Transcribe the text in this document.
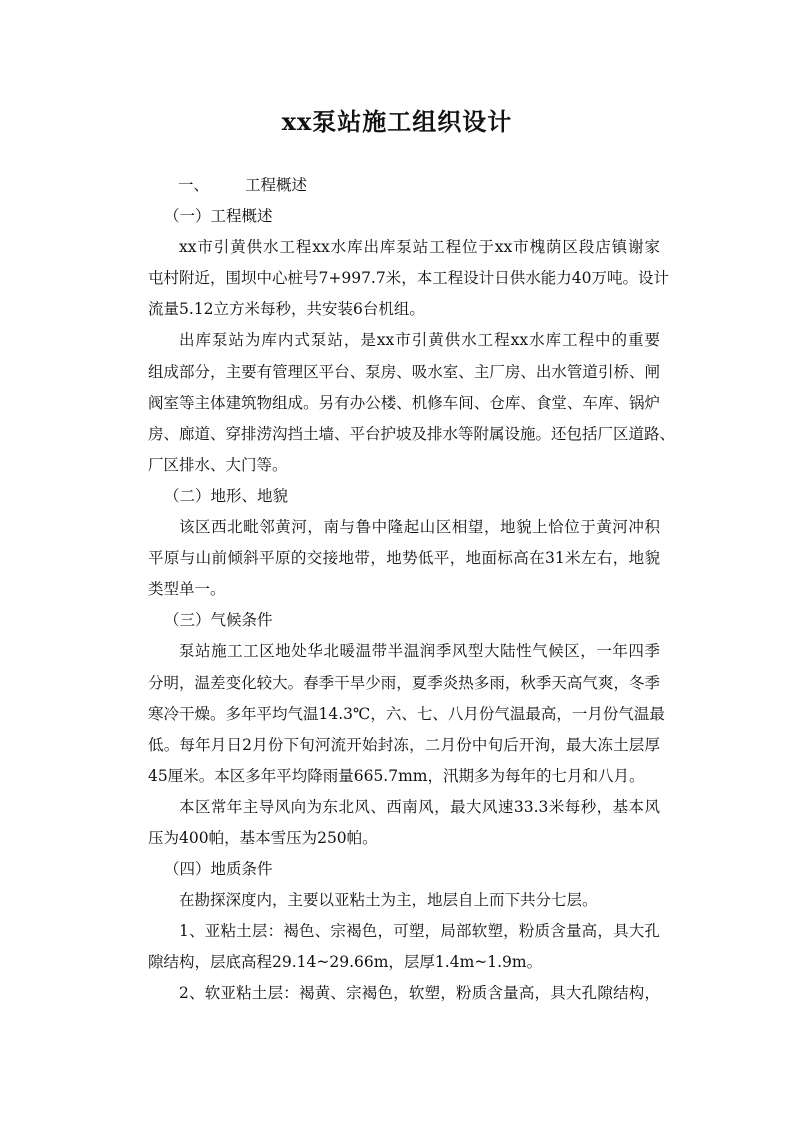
xx泵站施工组织设计
一、 工程概述
（一）工程概述
xx市引黄供水工程xx水库出库泵站工程位于xx市槐荫区段店镇谢家
屯村附近，围坝中心桩号7+997.7米，本工程设计日供水能力40万吨。设计
流量5.12立方米每秒，共安装6台机组。
出库泵站为库内式泵站，是xx市引黄供水工程xx水库工程中的重要
组成部分，主要有管理区平台、泵房、吸水室、主厂房、出水管道引桥、闸
阀室等主体建筑物组成。另有办公楼、机修车间、仓库、食堂、车库、锅炉
房、廊道、穿排涝沟挡土墙、平台护坡及排水等附属设施。还包括厂区道路、
厂区排水、大门等。
（二）地形、地貌
该区西北毗邻黄河，南与鲁中隆起山区相望，地貌上恰位于黄河冲积
平原与山前倾斜平原的交接地带，地势低平，地面标高在31米左右，地貌
类型单一。
（三）气候条件
泵站施工工区地处华北暖温带半温润季风型大陆性气候区，一年四季
分明，温差变化较大。春季干旱少雨，夏季炎热多雨，秋季天高气爽，冬季
寒冷干燥。多年平均气温14.3℃，六、七、八月份气温最高，一月份气温最
低。每年月日2月份下旬河流开始封冻，二月份中旬后开洵，最大冻土层厚
45厘米。本区多年平均降雨量665.7mm，汛期多为每年的七月和八月。
本区常年主导风向为东北风、西南风，最大风速33.3米每秒，基本风
压为400帕，基本雪压为250帕。
（四）地质条件
在勘探深度内，主要以亚粘土为主，地层自上而下共分七层。
1、亚粘土层：褐色、宗褐色，可塑，局部软塑，粉质含量高，具大孔
隙结构，层底高程29.14~29.66m，层厚1.4m~1.9m。
2、软亚粘土层：褐黄、宗褐色，软塑，粉质含量高，具大孔隙结构，
